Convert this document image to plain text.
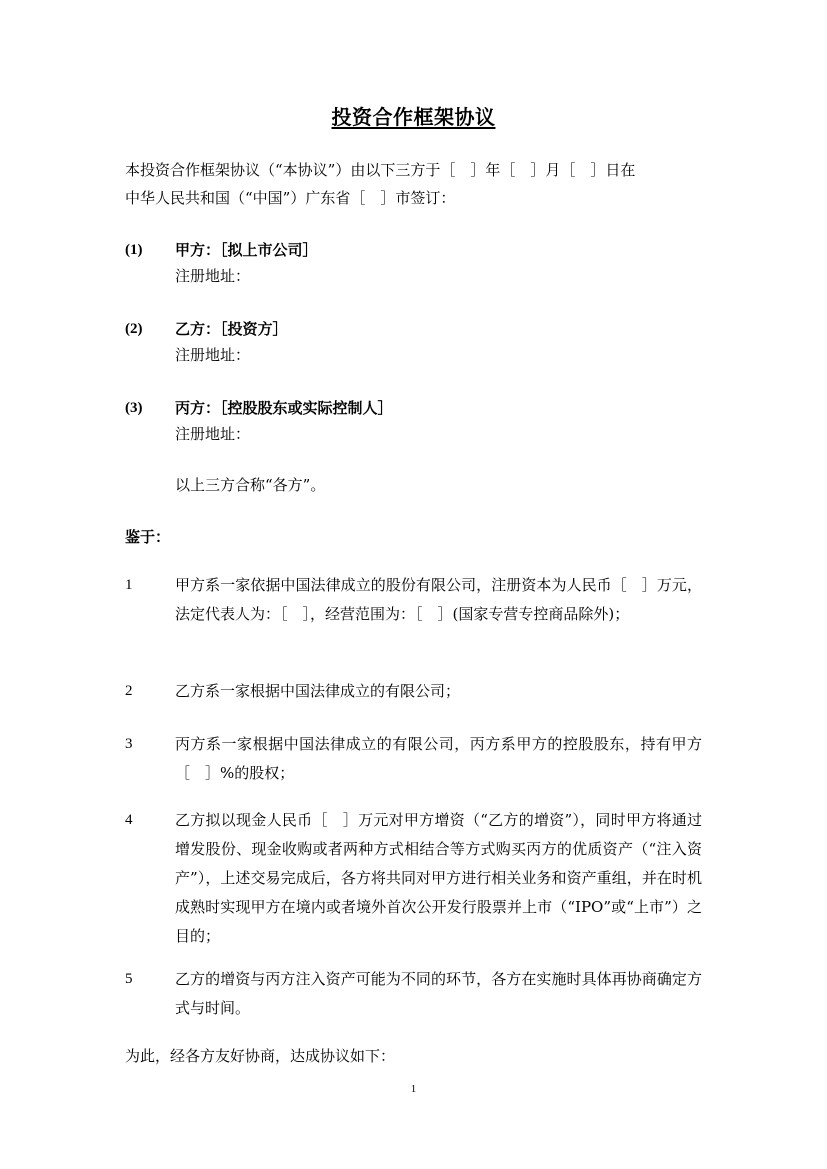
投资合作框架协议
本投资合作框架协议（“本协议”）由以下三方于［　］年［　］月［　］日在
中华人民共和国（“中国”）广东省［　］市签订：
(1) 甲方：［拟上市公司］
注册地址：
(2) 乙方：［投资方］
注册地址：
(3) 丙方：［控股股东或实际控制人］
注册地址：
以上三方合称“各方”。
鉴于：
1	甲方系一家依据中国法律成立的股份有限公司，注册资本为人民币［　］万元，法定代表人为：［　］，经营范围为：［　］(国家专营专控商品除外)；
2	乙方系一家根据中国法律成立的有限公司；
3	丙方系一家根据中国法律成立的有限公司，丙方系甲方的控股股东，持有甲方［　］%的股权；
4	乙方拟以现金人民币［　］万元对甲方增资（“乙方的增资”），同时甲方将通过增发股份、现金收购或者两种方式相结合等方式购买丙方的优质资产（“注入资产”），上述交易完成后，各方将共同对甲方进行相关业务和资产重组，并在时机成熟时实现甲方在境内或者境外首次公开发行股票并上市（“IPO”或“上市”）之目的；
5	乙方的增资与丙方注入资产可能为不同的环节，各方在实施时具体再协商确定方式与时间。
为此，经各方友好协商，达成协议如下：
1
